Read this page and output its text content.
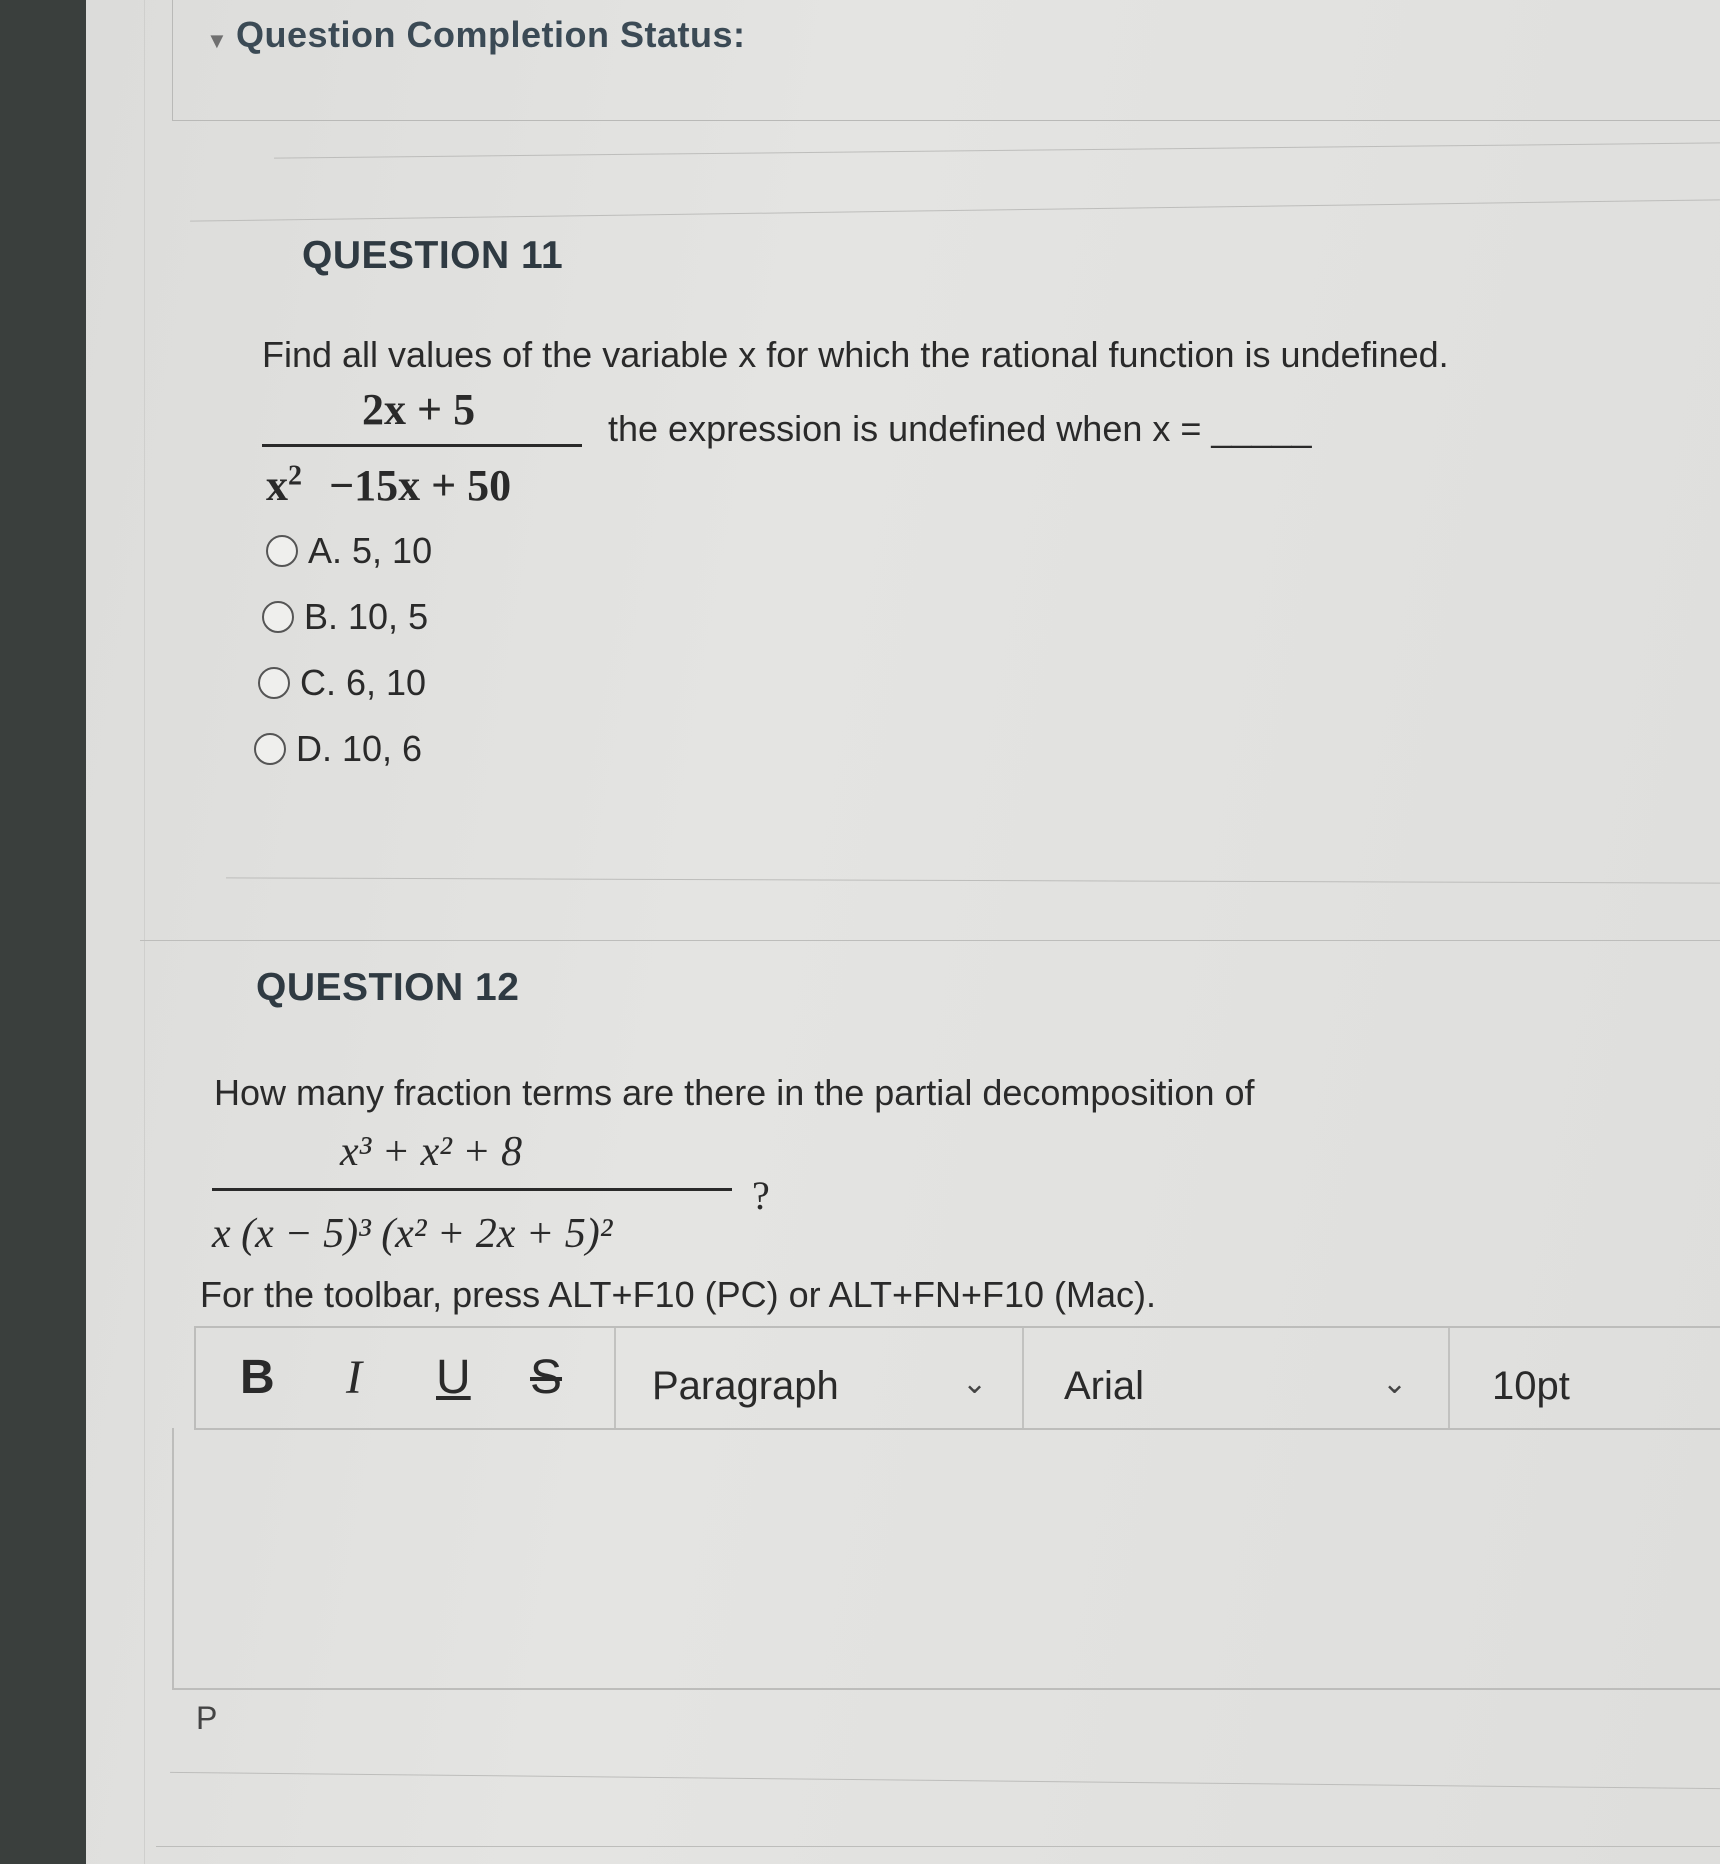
▼ Question Completion Status:
QUESTION 11
Find all values of the variable x for which the rational function is undefined.
2x + 5
$x^2 -15x + 50$
the expression is undefined when x = _____
A. 5, 10
B. 10, 5
C. 6, 10
D. 10, 6
QUESTION 12
How many fraction terms are there in the partial decomposition of
x³ + x² + 8
x (x − 5)³ (x² + 2x + 5)²
?
For the toolbar, press ALT+F10 (PC) or ALT+FN+F10 (Mac).
B I U S Paragraph	⌄ Arial	⌄ 10pt
P
